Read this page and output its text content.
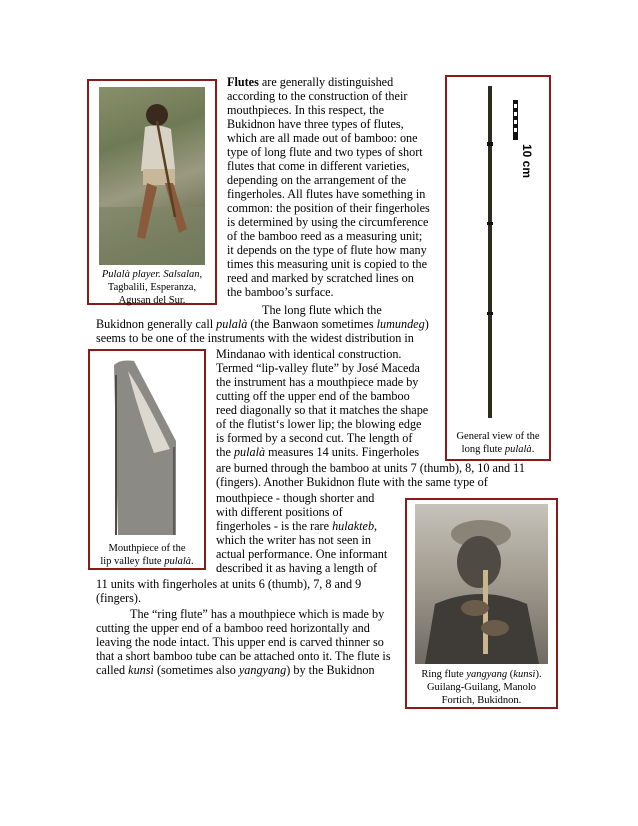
Pulalà player. Salsalan,
Tagbalili, Esperanza,
Agusan del Sur.
10 cm
General view of the
long flute pulalà.
Mouthpiece of the
lip valley flute pulalà.
Ring flute yangyang (kunsì).
Guilang-Guilang, Manolo
Fortich, Bukidnon.
Flutes are generally distinguished
according to the construction of their
mouthpieces. In this respect, the
Bukidnon have three types of flutes,
which are all made out of bamboo: one
type of long flute and two types of short
flutes that come in different varieties,
depending on the arrangement of the
fingerholes. All flutes have something in
common: the position of their fingerholes
is determined by using the circumference
of the bamboo reed as a measuring unit;
it depends on the type of flute how many
times this measuring unit is copied to the
reed and marked by scratched lines on
the bamboo’s surface.
The long flute which the
Bukidnon generally call pulalà (the Banwaon sometimes lumundeg)
seems to be one of the instruments with the widest distribution in
Mindanao with identical construction.
Termed “lip-valley flute” by José Maceda
the instrument has a mouthpiece made by
cutting off the upper end of the bamboo
reed diagonally so that it matches the shape
of the flutist‘s lower lip; the blowing edge
is formed by a second cut. The length of
the pulalà measures 14 units. Fingerholes
are burned through the bamboo at units 7 (thumb), 8, 10 and 11
(fingers). Another Bukidnon flute with the same type of
mouthpiece - though shorter and
with different positions of
fingerholes - is the rare hulakteb,
which the writer has not seen in
actual performance. One informant
described it as having a length of
11 units with fingerholes at units 6 (thumb), 7, 8 and 9
(fingers).
The “ring flute” has a mouthpiece which is made by
cutting the upper end of a bamboo reed horizontally and
leaving the node intact. This upper end is carved thinner so
that a short bamboo tube can be attached onto it. The flute is
called kunsì (sometimes also yangyang) by the Bukidnon
